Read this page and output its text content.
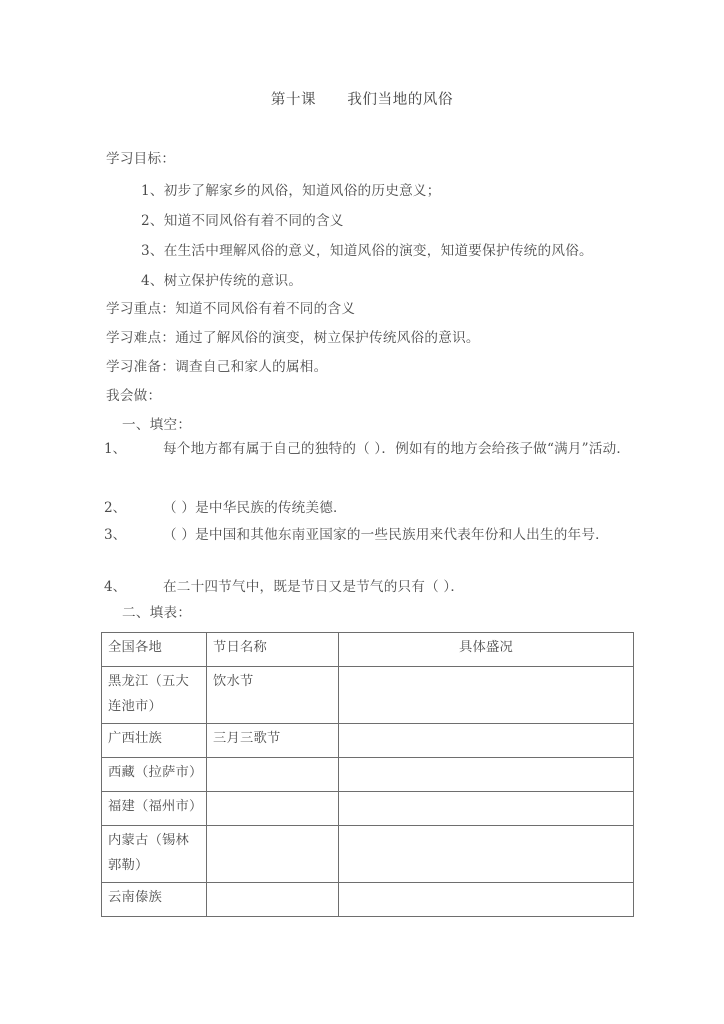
第十课      我们当地的风俗
学习目标：
1、初步了解家乡的风俗，知道风俗的历史意义；
2、知道不同风俗有着不同的含义
3、在生活中理解风俗的意义，知道风俗的演变，知道要保护传统的风俗。
4、树立保护传统的意识。
学习重点：知道不同风俗有着不同的含义
学习难点：通过了解风俗的演变，树立保护传统风俗的意识。
学习准备：调查自己和家人的属相。
我会做：
一、填空：
1、	每个地方都有属于自己的独特的（ ）．例如有的地方会给孩子做“满月”活动．
2、	（ ）是中华民族的传统美德．
3、	（ ）是中国和其他东南亚国家的一些民族用来代表年份和人出生的年号．
4、	在二十四节气中，既是节日又是节气的只有（ ）．
二、填表：
全国各地	节日名称	具体盛况
黑龙江（五大连池市）	饮水节	
广西壮族	三月三歌节	
西藏（拉萨市）		
福建（福州市）		
内蒙古（锡林郭勒）		
云南傣族		
